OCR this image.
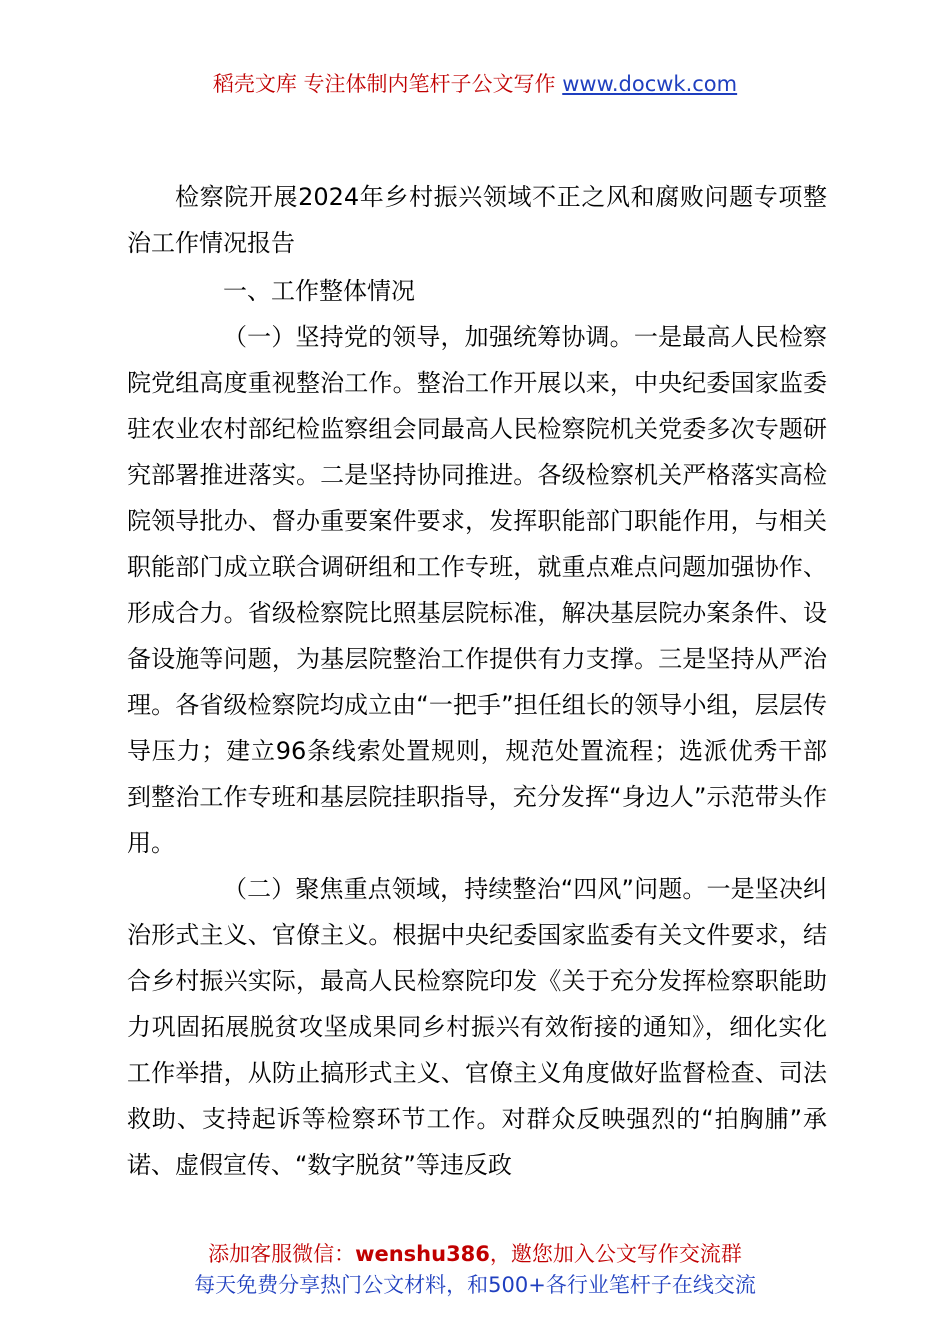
稻壳文库 专注体制内笔杆子公文写作 www.docwk.com

检察院开展2024年乡村振兴领域不正之风和腐败问题专项整治工作情况报告

一、工作整体情况

（一）坚持党的领导，加强统筹协调。一是最高人民检察院党组高度重视整治工作。整治工作开展以来，中央纪委国家监委驻农业农村部纪检监察组会同最高人民检察院机关党委多次专题研究部署推进落实。二是坚持协同推进。各级检察机关严格落实高检院领导批办、督办重要案件要求，发挥职能部门职能作用，与相关职能部门成立联合调研组和工作专班，就重点难点问题加强协作、形成合力。省级检察院比照基层院标准，解决基层院办案条件、设备设施等问题，为基层院整治工作提供有力支撑。三是坚持从严治理。各省级检察院均成立由“一把手”担任组长的领导小组，层层传导压力；建立96条线索处置规则，规范处置流程；选派优秀干部到整治工作专班和基层院挂职指导，充分发挥“身边人”示范带头作用。

（二）聚焦重点领域，持续整治“四风”问题。一是坚决纠治形式主义、官僚主义。根据中央纪委国家监委有关文件要求，结合乡村振兴实际，最高人民检察院印发《关于充分发挥检察职能助力巩固拓展脱贫攻坚成果同乡村振兴有效衔接的通知》，细化实化工作举措，从防止搞形式主义、官僚主义角度做好监督检查、司法救助、支持起诉等检察环节工作。对群众反映强烈的“拍胸脯”承诺、虚假宣传、“数字脱贫”等违反政

添加客服微信：wenshu386，邀您加入公文写作交流群
每天免费分享热门公文材料，和500+各行业笔杆子在线交流
